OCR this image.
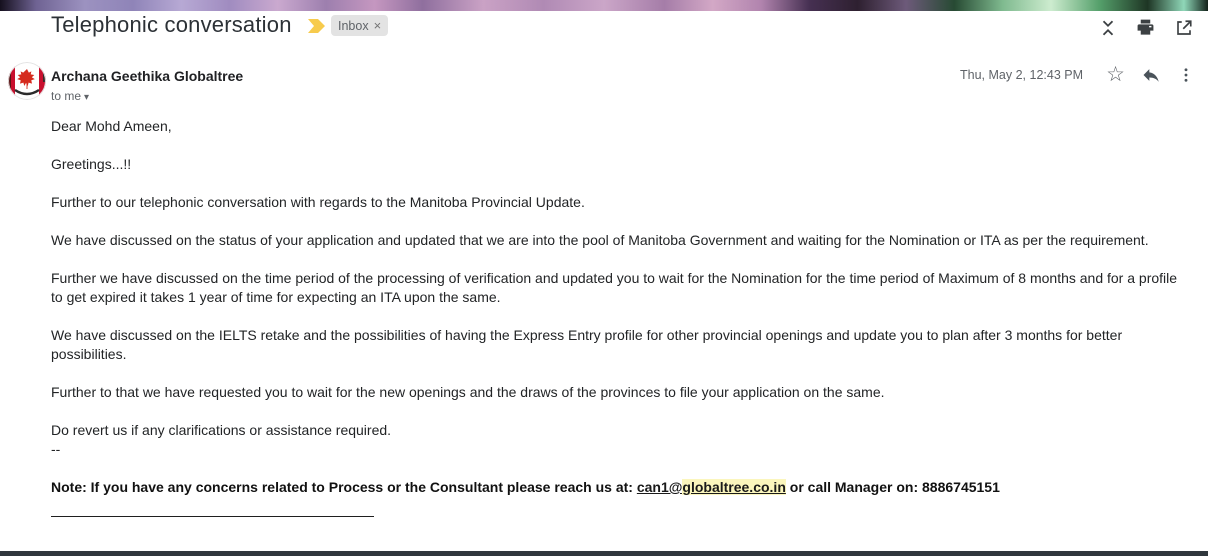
Telephonic conversation	Inbox ×
Archana Geethika Globaltree
to me ▾
Thu, May 2, 12:43 PM ☆

Dear Mohd Ameen,

Greetings...!!

Further to our telephonic conversation with regards to the Manitoba Provincial Update.

We have discussed on the status of your application and updated that we are into the pool of Manitoba Government and waiting for the Nomination or ITA as per the requirement.

Further we have discussed on the time period of the processing of verification and updated you to wait for the Nomination for the time period of Maximum of 8 months and for a profile to get expired it takes 1 year of time for expecting an ITA upon the same.

We have discussed on the IELTS retake and the possibilities of having the Express Entry profile for other provincial openings and update you to plan after 3 months for better possibilities.

Further to that we have requested you to wait for the new openings and the draws of the provinces to file your application on the same.

Do revert us if any clarifications or assistance required.

--

Note: If you have any concerns related to Process or the Consultant please reach us at: can1@globaltree.co.in or call Manager on: 8886745151
